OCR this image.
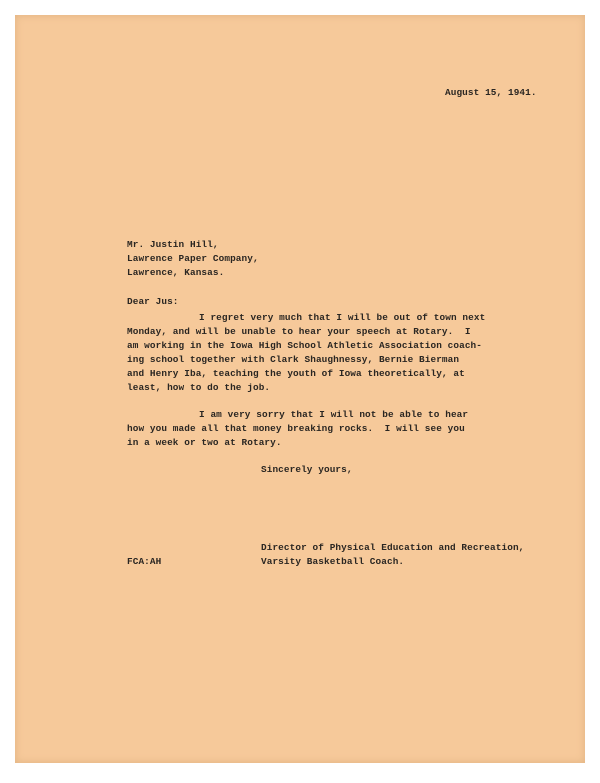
August 15, 1941.
Mr. Justin Hill,
Lawrence Paper Company,
Lawrence, Kansas.
Dear Jus:
I regret very much that I will be out of town next
Monday, and will be unable to hear your speech at Rotary.  I
am working in the Iowa High School Athletic Association coach-
ing school together with Clark Shaughnessy, Bernie Bierman
and Henry Iba, teaching the youth of Iowa theoretically, at
least, how to do the job.
I am very sorry that I will not be able to hear
how you made all that money breaking rocks.  I will see you
in a week or two at Rotary.
Sincerely yours,
Director of Physical Education and Recreation,
Varsity Basketball Coach.
FCA:AH
